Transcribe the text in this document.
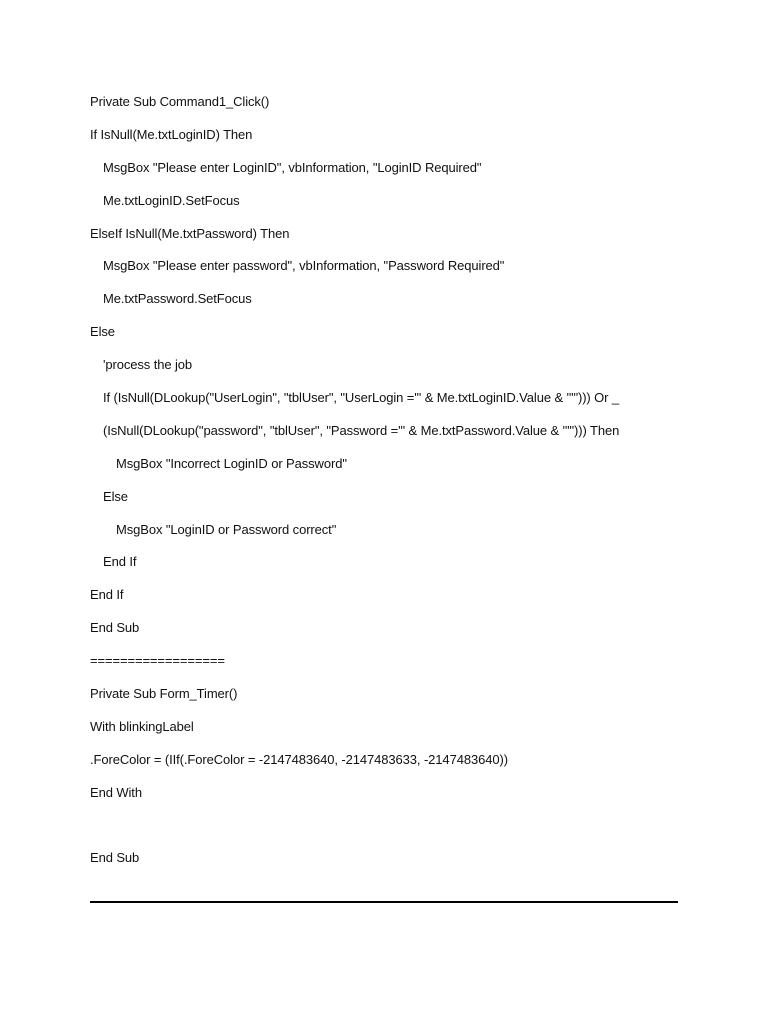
Private Sub Command1_Click()
If IsNull(Me.txtLoginID) Then
MsgBox "Please enter LoginID", vbInformation, "LoginID Required"
Me.txtLoginID.SetFocus
ElseIf IsNull(Me.txtPassword) Then
MsgBox "Please enter password", vbInformation, "Password Required"
Me.txtPassword.SetFocus
Else
'process the job
If (IsNull(DLookup("UserLogin", "tblUser", "UserLogin ='" & Me.txtLoginID.Value & "'"))) Or _
(IsNull(DLookup("password", "tblUser", "Password ='" & Me.txtPassword.Value & "'"))) Then
MsgBox "Incorrect LoginID or Password"
Else
MsgBox "LoginID or Password correct"
End If
End If
End Sub
==================
Private Sub Form_Timer()
With blinkingLabel
.ForeColor = (IIf(.ForeColor = -2147483640, -2147483633, -2147483640))
End With
End Sub
